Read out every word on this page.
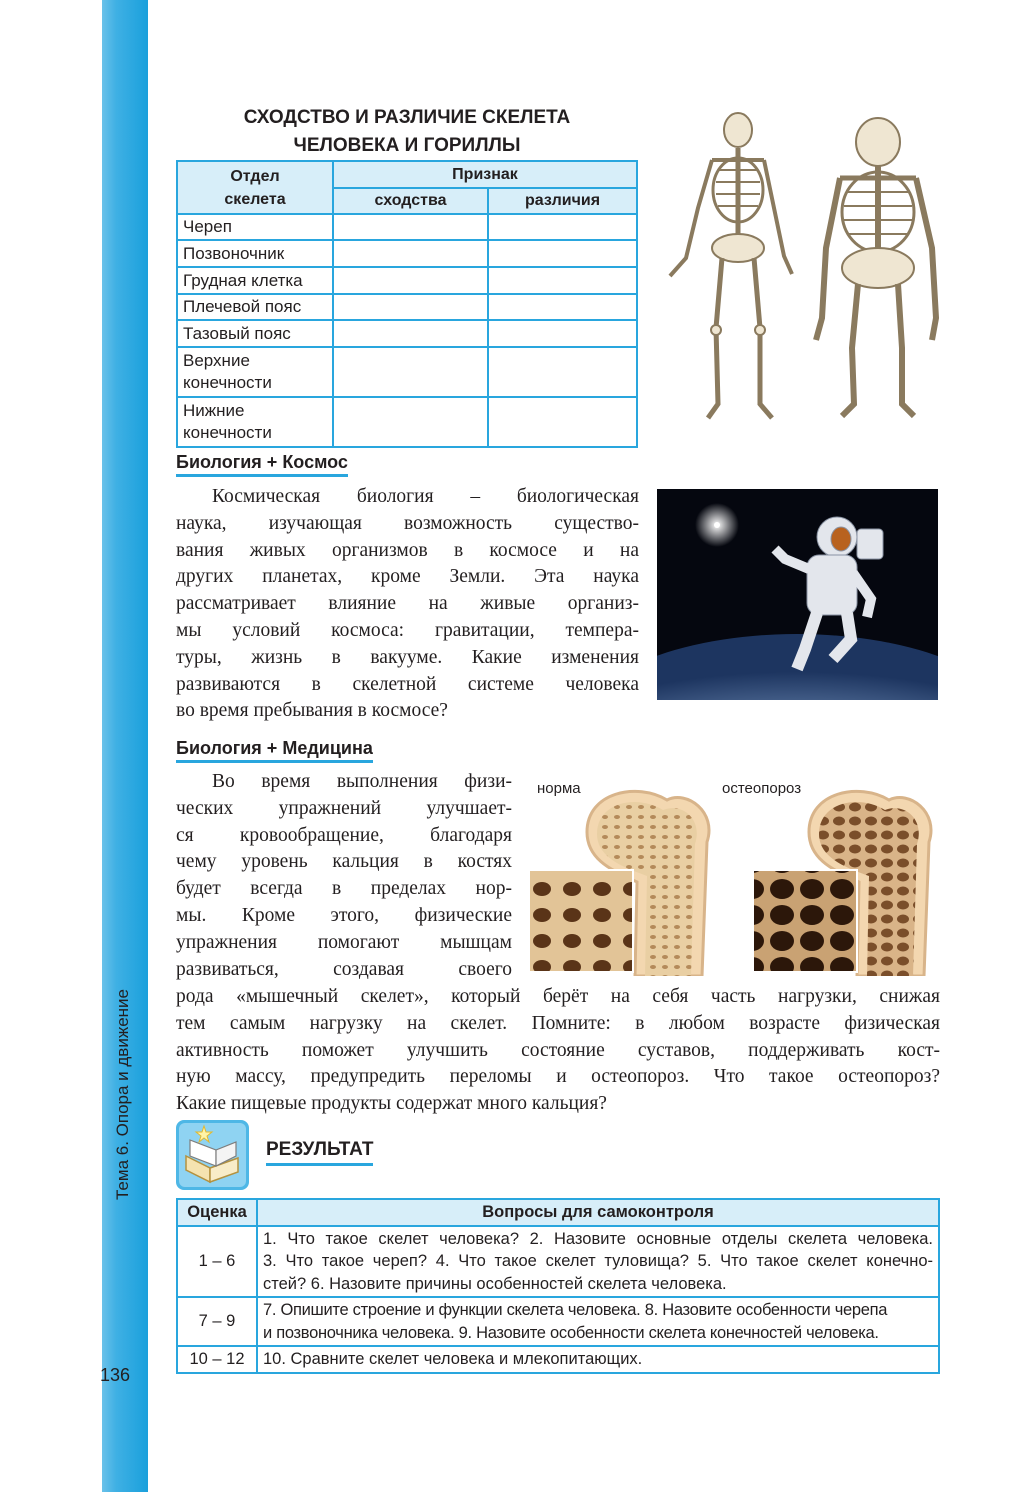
Тема 6. Опора и движение
136
СХОДСТВО И РАЗЛИЧИЕ СКЕЛЕТА
ЧЕЛОВЕКА И ГОРИЛЛЫ
Отдел
скелета	Признак	
	сходства	различия
Череп		
Позвоночник		
Грудная клетка		
Плечевой пояс		
Тазовый пояс		
Верхние конечности		
Нижние конечности		
Биология + Космос
Космическая биология – биологическая
наука, изучающая возможность существо-
вания живых организмов в космосе и на
других планетах, кроме Земли. Эта наука
рассматривает влияние на живые организ-
мы условий космоса: гравитации, темпера-
туры, жизнь в вакууме. Какие изменения
развиваются в скелетной системе человека
во время пребывания в космосе?
Биология + Медицина
Во время выполнения физи-
ческих упражнений улучшает-
ся кровообращение, благодаря
чему уровень кальция в костях
будет всегда в пределах нор-
мы. Кроме этого, физические
упражнения помогают мышцам
развиваться, создавая своего
рода «мышечный скелет», который берёт на себя часть нагрузки, снижая
тем самым нагрузку на скелет. Помните: в любом возрасте физическая
активность поможет улучшить состояние суставов, поддерживать кост-
ную массу, предупредить переломы и остеопороз. Что такое остеопороз?
Какие пищевые продукты содержат много кальция?
норма	остеопороз
РЕЗУЛЬТАТ
Оценка	Вопросы для самоконтроля
1 – 6	1. Что такое скелет человека? 2. Назовите основные отделы скелета человека.
3. Что такое череп? 4. Что такое скелет туловища? 5. Что такое скелет конечно-
стей? 6. Назовите причины особенностей скелета человека.

7 – 9	7. Опишите строение и функции скелета человека. 8. Назовите особенности черепа
и позвоночника человека. 9. Назовите особенности скелета конечностей человека.

10 – 12	10. Сравните скелет человека и млекопитающих.
